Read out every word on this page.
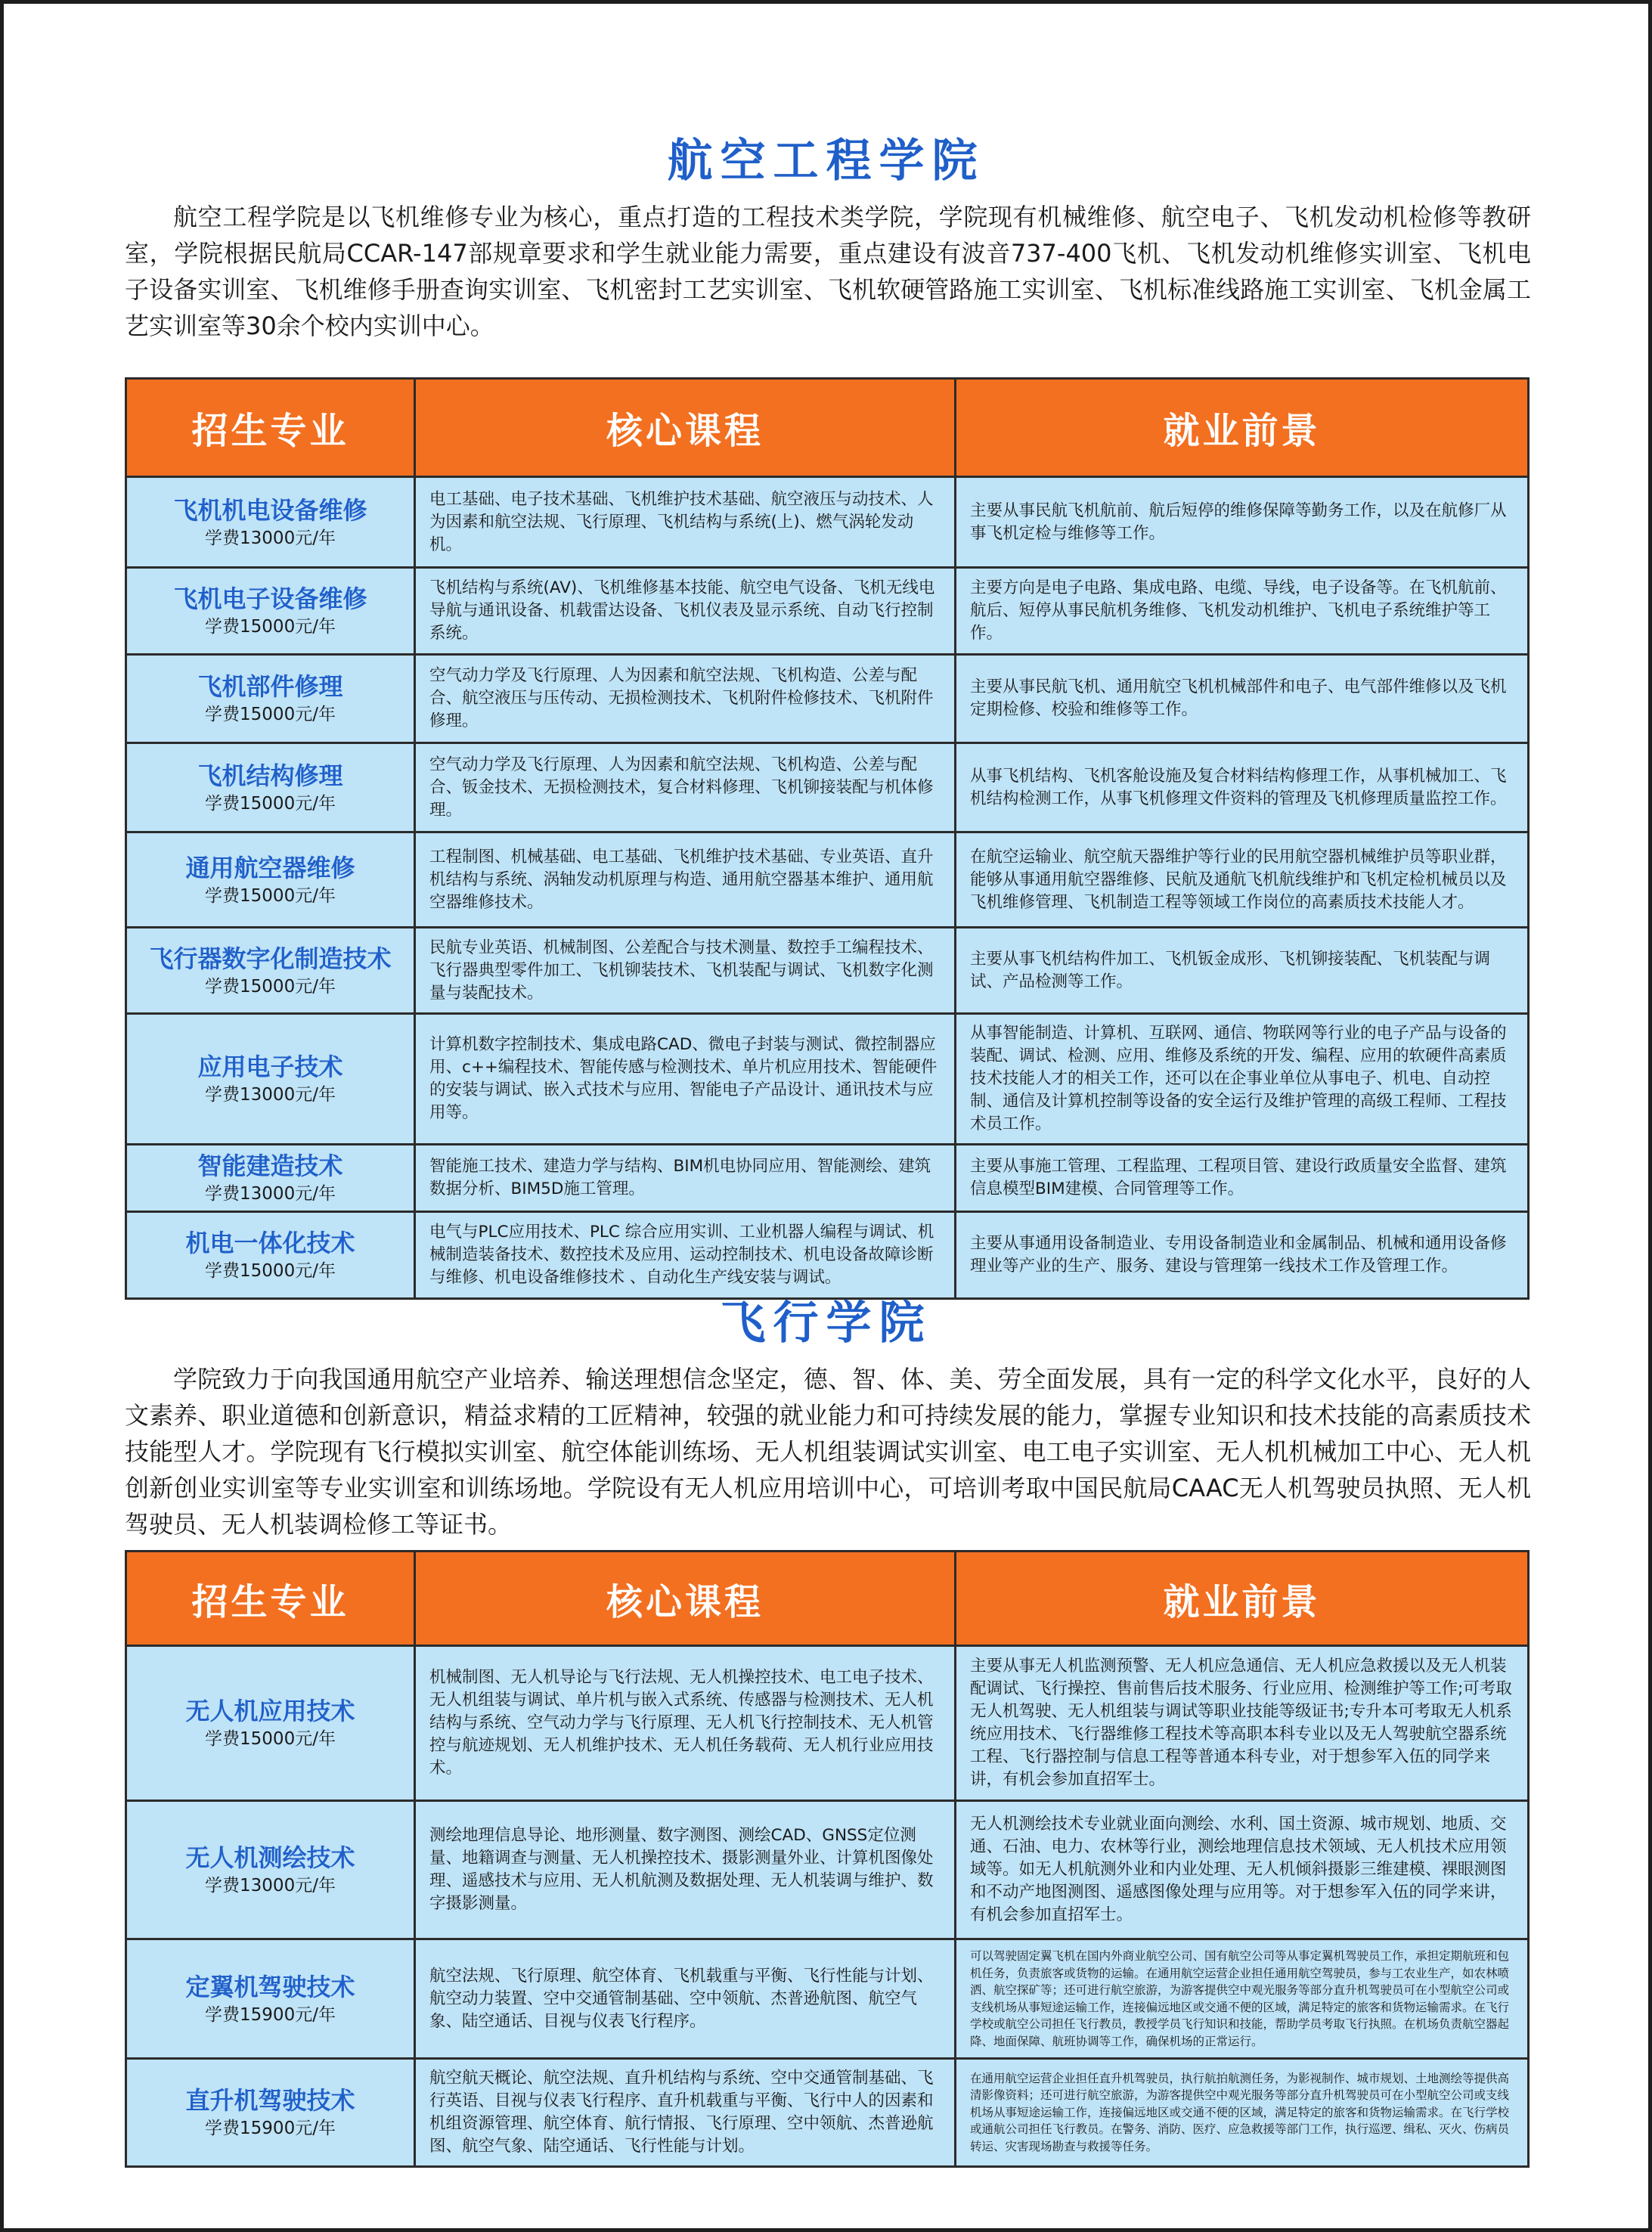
航空工程学院

航空工程学院是以飞机维修专业为核心，重点打造的工程技术类学院，学院现有机械维修、航空电子、飞机发动机检修等教研室，学院根据民航局CCAR-147部规章要求和学生就业能力需要，重点建设有波音737-400飞机、飞机发动机维修实训室、飞机电子设备实训室、飞机维修手册查询实训室、飞机密封工艺实训室、飞机软硬管路施工实训室、飞机标准线路施工实训室、飞机金属工艺实训室等30余个校内实训中心。

招生专业	核心课程	就业前景

飞机机电设备维修
学费13000元/年	电工基础、电子技术基础、飞机维护技术基础、航空液压与动技术、人为因素和航空法规、飞行原理、飞机结构与系统(上)、燃气涡轮发动机。	主要从事民航飞机航前、航后短停的维修保障等勤务工作，以及在航修厂从事飞机定检与维修等工作。

飞机电子设备维修
学费15000元/年	飞机结构与系统(AV)、飞机维修基本技能、航空电气设备、飞机无线电导航与通讯设备、机载雷达设备、飞机仪表及显示系统、自动飞行控制系统。	主要方向是电子电路、集成电路、电缆、导线，电子设备等。在飞机航前、航后、短停从事民航机务维修、飞机发动机维护、飞机电子系统维护等工作。

飞机部件修理
学费15000元/年	空气动力学及飞行原理、人为因素和航空法规、飞机构造、公差与配合、航空液压与压传动、无损检测技术、飞机附件检修技术、飞机附件修理。	主要从事民航飞机、通用航空飞机机械部件和电子、电气部件维修以及飞机定期检修、校验和维修等工作。

飞机结构修理
学费15000元/年	空气动力学及飞行原理、人为因素和航空法规、飞机构造、公差与配合、钣金技术、无损检测技术，复合材料修理、飞机铆接装配与机体修理。	从事飞机结构、飞机客舱设施及复合材料结构修理工作，从事机械加工、飞机结构检测工作，从事飞机修理文件资料的管理及飞机修理质量监控工作。

通用航空器维修
学费15000元/年	工程制图、机械基础、电工基础、飞机维护技术基础、专业英语、直升机结构与系统、涡轴发动机原理与构造、通用航空器基本维护、通用航空器维修技术。	在航空运输业、航空航天器维护等行业的民用航空器机械维护员等职业群，能够从事通用航空器维修、民航及通航飞机航线维护和飞机定检机械员以及飞机维修管理、飞机制造工程等领域工作岗位的高素质技术技能人才。

飞行器数字化制造技术
学费15000元/年	民航专业英语、机械制图、公差配合与技术测量、数控手工编程技术、飞行器典型零件加工、飞机铆装技术、飞机装配与调试、飞机数字化测量与装配技术。	主要从事飞机结构件加工、飞机钣金成形、飞机铆接装配、飞机装配与调试、产品检测等工作。

应用电子技术
学费13000元/年	计算机数字控制技术、集成电路CAD、微电子封装与测试、微控制器应用、c++编程技术、智能传感与检测技术、单片机应用技术、智能硬件的安装与调试、嵌入式技术与应用、智能电子产品设计、通讯技术与应用等。	从事智能制造、计算机、互联网、通信、物联网等行业的电子产品与设备的装配、调试、检测、应用、维修及系统的开发、编程、应用的软硬件高素质技术技能人才的相关工作，还可以在企事业单位从事电子、机电、自动控制、通信及计算机控制等设备的安全运行及维护管理的高级工程师、工程技术员工作。

智能建造技术
学费13000元/年	智能施工技术、建造力学与结构、BIM机电协同应用、智能测绘、建筑数据分析、BIM5D施工管理。	主要从事施工管理、工程监理、工程项目管、建设行政质量安全监督、建筑信息模型BIM建模、合同管理等工作。

机电一体化技术
学费15000元/年	电气与PLC应用技术、PLC 综合应用实训、工业机器人编程与调试、机械制造装备技术、数控技术及应用、运动控制技术、机电设备故障诊断与维修、机电设备维修技术 、自动化生产线安装与调试。	主要从事通用设备制造业、专用设备制造业和金属制品、机械和通用设备修理业等产业的生产、服务、建设与管理第一线技术工作及管理工作。
飞行学院

学院致力于向我国通用航空产业培养、输送理想信念坚定，德、智、体、美、劳全面发展，具有一定的科学文化水平，良好的人文素养、职业道德和创新意识，精益求精的工匠精神，较强的就业能力和可持续发展的能力，掌握专业知识和技术技能的高素质技术技能型人才。学院现有飞行模拟实训室、航空体能训练场、无人机组装调试实训室、电工电子实训室、无人机机械加工中心、无人机创新创业实训室等专业实训室和训练场地。学院设有无人机应用培训中心，可培训考取中国民航局CAAC无人机驾驶员执照、无人机驾驶员、无人机装调检修工等证书。

招生专业	核心课程	就业前景

无人机应用技术
学费15000元/年	机械制图、无人机导论与飞行法规、无人机操控技术、电工电子技术、无人机组装与调试、单片机与嵌入式系统、传感器与检测技术、无人机结构与系统、空气动力学与飞行原理、无人机飞行控制技术、无人机管控与航迹规划、无人机维护技术、无人机任务载荷、无人机行业应用技术。	主要从事无人机监测预警、无人机应急通信、无人机应急救援以及无人机装配调试、飞行操控、售前售后技术服务、行业应用、检测维护等工作;可考取无人机驾驶、无人机组装与调试等职业技能等级证书;专升本可考取无人机系统应用技术、飞行器维修工程技术等高职本科专业以及无人驾驶航空器系统工程、飞行器控制与信息工程等普通本科专业，对于想参军入伍的同学来讲，有机会参加直招军士。

无人机测绘技术
学费13000元/年	测绘地理信息导论、地形测量、数字测图、测绘CAD、GNSS定位测量、地籍调查与测量、无人机操控技术、摄影测量外业、计算机图像处理、遥感技术与应用、无人机航测及数据处理、无人机装调与维护、数字摄影测量。	无人机测绘技术专业就业面向测绘、水利、国土资源、城市规划、地质、交通、石油、电力、农林等行业，测绘地理信息技术领域、无人机技术应用领域等。如无人机航测外业和内业处理、无人机倾斜摄影三维建模、裸眼测图和不动产地图测图、遥感图像处理与应用等。对于想参军入伍的同学来讲，有机会参加直招军士。

定翼机驾驶技术
学费15900元/年	航空法规、飞行原理、航空体育、飞机载重与平衡、飞行性能与计划、航空动力装置、空中交通管制基础、空中领航、杰普逊航图、航空气象、陆空通话、目视与仪表飞行程序。	可以驾驶固定翼飞机在国内外商业航空公司、国有航空公司等从事定翼机驾驶员工作，承担定期航班和包机任务，负责旅客或货物的运输。在通用航空运营企业担任通用航空驾驶员，参与工农业生产，如农林喷洒、航空探矿等；还可进行航空旅游，为游客提供空中观光服务等部分直升机驾驶员可在小型航空公司或支线机场从事短途运输工作，连接偏远地区或交通不便的区域，满足特定的旅客和货物运输需求。在飞行学校或航空公司担任飞行教员，教授学员飞行知识和技能，帮助学员考取飞行执照。在机场负责航空器起降、地面保障、航班协调等工作，确保机场的正常运行。

直升机驾驶技术
学费15900元/年	航空航天概论、航空法规、直升机结构与系统、空中交通管制基础、飞行英语、目视与仪表飞行程序、直升机载重与平衡、飞行中人的因素和机组资源管理、航空体育、航行情报、飞行原理、空中领航、杰普逊航图、航空气象、陆空通话、飞行性能与计划。	在通用航空运营企业担任直升机驾驶员，执行航拍航测任务，为影视制作、城市规划、土地测绘等提供高清影像资料；还可进行航空旅游，为游客提供空中观光服务等部分直升机驾驶员可在小型航空公司或支线机场从事短途运输工作，连接偏远地区或交通不便的区域，满足特定的旅客和货物运输需求。在飞行学校或通航公司担任飞行教员。在警务、消防、医疗、应急救援等部门工作，执行巡逻、缉私、灭火、伤病员转运、灾害现场勘查与救援等任务。
